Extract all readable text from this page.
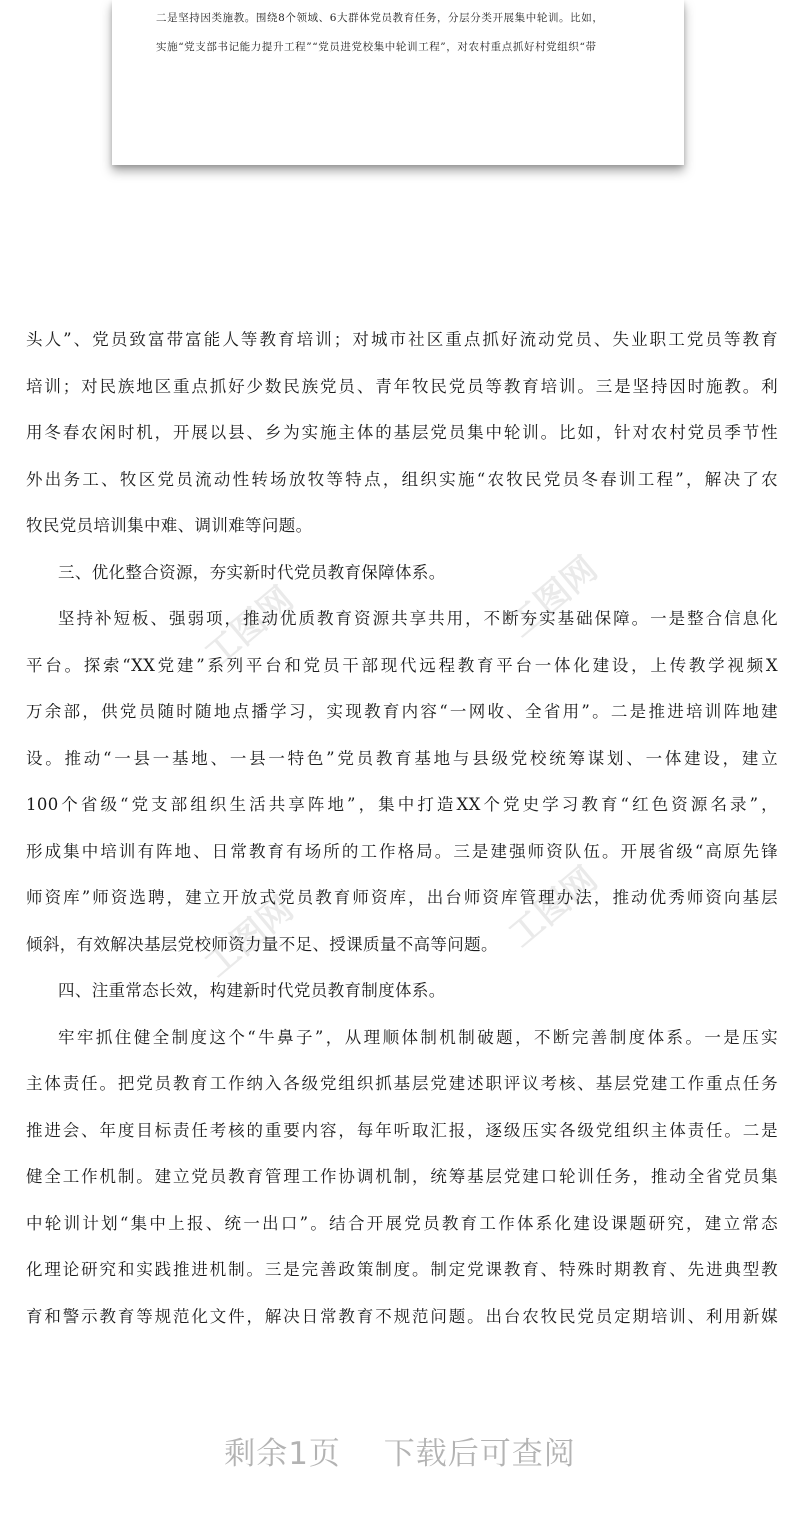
二是坚持因类施教。围绕8个领域、6大群体党员教育任务，分层分类开展集中轮训。比如，
实施“党支部书记能力提升工程”“党员进党校集中轮训工程”，对农村重点抓好村党组织“带
工图网	工图网
工图网	工图网
头人”、党员致富带富能人等教育培训；对城市社区重点抓好流动党员、失业职工党员等教育
培训；对民族地区重点抓好少数民族党员、青年牧民党员等教育培训。三是坚持因时施教。利
用冬春农闲时机，开展以县、乡为实施主体的基层党员集中轮训。比如，针对农村党员季节性
外出务工、牧区党员流动性转场放牧等特点，组织实施“农牧民党员冬春训工程”，解决了农
牧民党员培训集中难、调训难等问题。
三、优化整合资源，夯实新时代党员教育保障体系。
坚持补短板、强弱项，推动优质教育资源共享共用，不断夯实基础保障。一是整合信息化
平台。探索“XX党建”系列平台和党员干部现代远程教育平台一体化建设，上传教学视频X
万余部，供党员随时随地点播学习，实现教育内容“一网收、全省用”。二是推进培训阵地建
设。推动“一县一基地、一县一特色”党员教育基地与县级党校统筹谋划、一体建设，建立
100个省级“党支部组织生活共享阵地”，集中打造XX个党史学习教育“红色资源名录”，
形成集中培训有阵地、日常教育有场所的工作格局。三是建强师资队伍。开展省级“高原先锋
师资库”师资选聘，建立开放式党员教育师资库，出台师资库管理办法，推动优秀师资向基层
倾斜，有效解决基层党校师资力量不足、授课质量不高等问题。
四、注重常态长效，构建新时代党员教育制度体系。
牢牢抓住健全制度这个“牛鼻子”，从理顺体制机制破题，不断完善制度体系。一是压实
主体责任。把党员教育工作纳入各级党组织抓基层党建述职评议考核、基层党建工作重点任务
推进会、年度目标责任考核的重要内容，每年听取汇报，逐级压实各级党组织主体责任。二是
健全工作机制。建立党员教育管理工作协调机制，统筹基层党建口轮训任务，推动全省党员集
中轮训计划“集中上报、统一出口”。结合开展党员教育工作体系化建设课题研究，建立常态
化理论研究和实践推进机制。三是完善政策制度。制定党课教育、特殊时期教育、先进典型教
育和警示教育等规范化文件，解决日常教育不规范问题。出台农牧民党员定期培训、利用新媒
剩余1页 下载后可查阅
